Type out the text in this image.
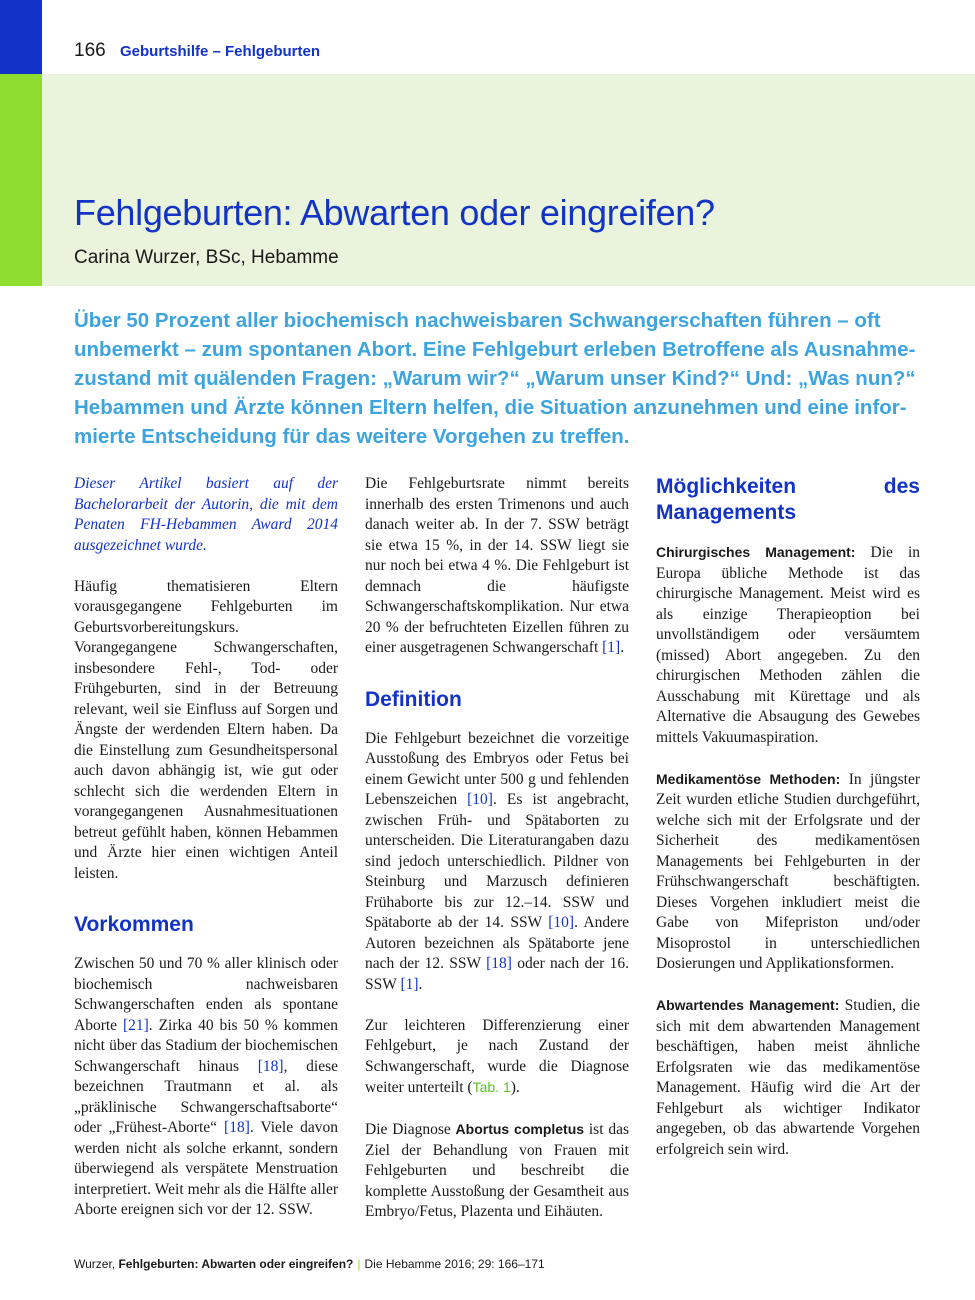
166 Geburtshilfe – Fehlgeburten
Fehlgeburten: Abwarten oder eingreifen?
Carina Wurzer, BSc, Hebamme

Über 50 Prozent aller biochemisch nachweisbaren Schwangerschaften führen – oft

unbemerkt – zum spontanen Abort. Eine Fehlgeburt erleben Betroffene als Ausnahme-

zustand mit quälenden Fragen: „Warum wir?“ „Warum unser Kind?“ Und: „Was nun?“

Hebammen und Ärzte können Eltern helfen, die Situation anzunehmen und eine infor-

mierte Entscheidung für das weitere Vorgehen zu treffen.

Dieser Artikel basiert auf der Bachelorarbeit der Autorin, die mit dem Penaten FH-Hebammen Award 2014 ausgezeichnet wurde.

Häufig thematisieren Eltern vorausgegangene Fehlgeburten im Geburtsvorbereitungskurs. Vorangegangene Schwangerschaften, insbesondere Fehl-, Tod- oder Frühgeburten, sind in der Betreuung relevant, weil sie Einfluss auf Sorgen und Ängste der werdenden Eltern haben. Da die Einstellung zum Gesundheitspersonal auch davon abhängig ist, wie gut oder schlecht sich die werdenden Eltern in vorangegangenen Ausnahmesituationen betreut gefühlt haben, können Hebammen und Ärzte hier einen wichtigen Anteil leisten.

Vorkommen

Zwischen 50 und 70 % aller klinisch oder biochemisch nachweisbaren Schwangerschaften enden als spontane Aborte [21]. Zirka 40 bis 50 % kommen nicht über das Stadium der biochemischen Schwangerschaft hinaus [18], diese bezeichnen Trautmann et al. als „präklinische Schwangerschaftsaborte“ oder „Frühest-Aborte“ [18]. Viele davon werden nicht als solche erkannt, sondern überwiegend als verspätete Menstruation interpretiert. Weit mehr als die Hälfte aller Aborte ereignen sich vor der 12. SSW.

Die Fehlgeburtsrate nimmt bereits innerhalb des ersten Trimenons und auch danach weiter ab. In der 7. SSW beträgt sie etwa 15 %, in der 14. SSW liegt sie nur noch bei etwa 4 %. Die Fehlgeburt ist demnach die häufigste Schwangerschaftskomplikation. Nur etwa 20 % der befruchteten Eizellen führen zu einer ausgetragenen Schwangerschaft [1].

Definition

Die Fehlgeburt bezeichnet die vorzeitige Ausstoßung des Embryos oder Fetus bei einem Gewicht unter 500 g und fehlenden Lebenszeichen [10]. Es ist angebracht, zwischen Früh- und Spätaborten zu unterscheiden. Die Literaturangaben dazu sind jedoch unterschiedlich. Pildner von Steinburg und Marzusch definieren Frühaborte bis zur 12.–14. SSW und Spätaborte ab der 14. SSW [10]. Andere Autoren bezeichnen als Spätaborte jene nach der 12. SSW [18] oder nach der 16. SSW [1].

Zur leichteren Differenzierung einer Fehlgeburt, je nach Zustand der Schwangerschaft, wurde die Diagnose weiter unterteilt (Tab. 1).

Die Diagnose Abortus completus ist das Ziel der Behandlung von Frauen mit Fehlgeburten und beschreibt die komplette Ausstoßung der Gesamtheit aus Embryo/Fetus, Plazenta und Eihäuten.

Möglichkeiten des Managements

Chirurgisches Management: Die in Europa übliche Methode ist das chirurgische Management. Meist wird es als einzige Therapieoption bei unvollständigem oder versäumtem (missed) Abort angegeben. Zu den chirurgischen Methoden zählen die Ausschabung mit Kürettage und als Alternative die Absaugung des Gewebes mittels Vakuumaspiration.

Medikamentöse Methoden: In jüngster Zeit wurden etliche Studien durchgeführt, welche sich mit der Erfolgsrate und der Sicherheit des medikamentösen Managements bei Fehlgeburten in der Frühschwangerschaft beschäftigten. Dieses Vorgehen inkludiert meist die Gabe von Mifepriston und/oder Misoprostol in unterschiedlichen Dosierungen und Applikationsformen.

Abwartendes Management: Studien, die sich mit dem abwartenden Management beschäftigen, haben meist ähnliche Erfolgsraten wie das medikamentöse Management. Häufig wird die Art der Fehlgeburt als wichtiger Indikator angegeben, ob das abwartende Vorgehen erfolgreich sein wird.

Wurzer, Fehlgeburten: Abwarten oder eingreifen? | Die Hebamme 2016; 29: 166–171
